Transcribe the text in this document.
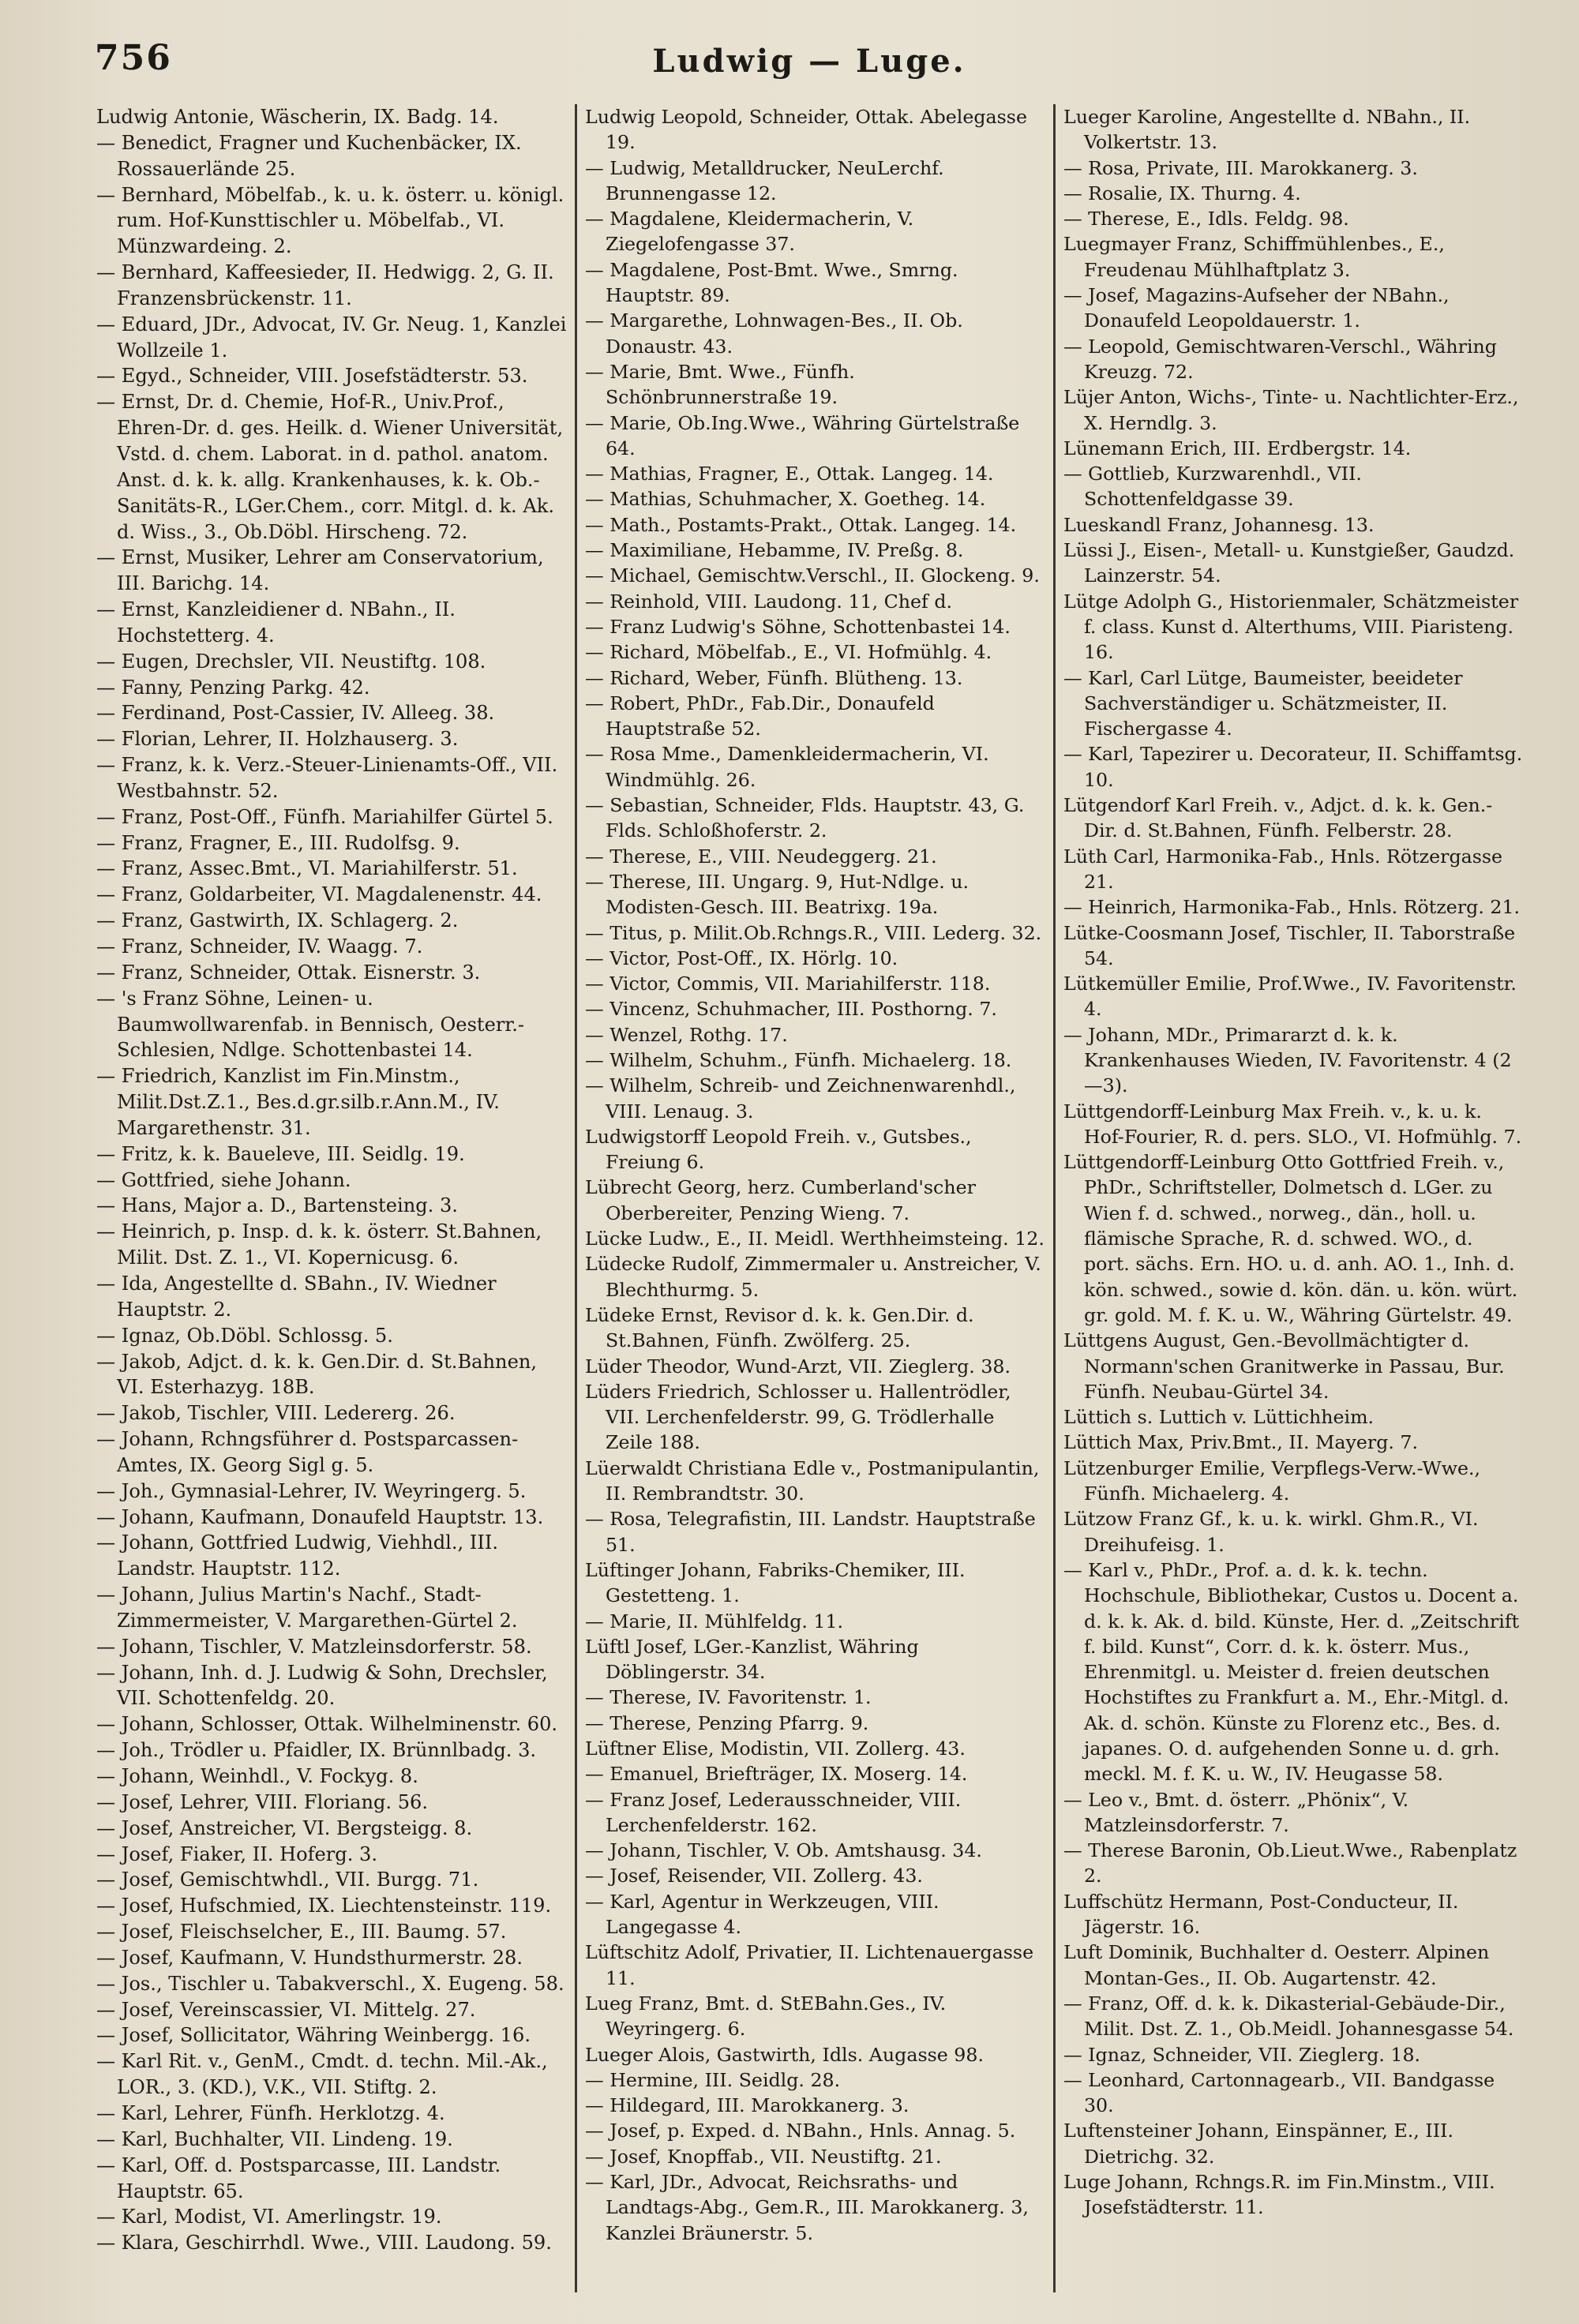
756	Ludwig — Luge.
Ludwig Antonie, Wäscherin, IX. Badg. 14.
— Benedict, Fragner und Kuchenbäcker, IX. Rossauerlände 25.
— Bernhard, Möbelfab., k. u. k. österr. u. königl. rum. Hof-Kunsttischler u. Möbelfab., VI. Münzwardeing. 2.
— Bernhard, Kaffeesieder, II. Hedwigg. 2, G. II. Franzensbrückenstr. 11.
— Eduard, JDr., Advocat, IV. Gr. Neug. 1, Kanzlei Wollzeile 1.
— Egyd., Schneider, VIII. Josefstädterstr. 53.
— Ernst, Dr. d. Chemie, Hof-R., Univ.Prof., Ehren-Dr. d. ges. Heilk. d. Wiener Universität, Vstd. d. chem. Laborat. in d. pathol. anatom. Anst. d. k. k. allg. Krankenhauses, k. k. Ob.-Sanitäts-R., LGer.Chem., corr. Mitgl. d. k. Ak. d. Wiss., 3., Ob.Döbl. Hirscheng. 72.
— Ernst, Musiker, Lehrer am Conservatorium, III. Barichg. 14.
— Ernst, Kanzleidiener d. NBahn., II. Hochstetterg. 4.
— Eugen, Drechsler, VII. Neustiftg. 108.
— Fanny, Penzing Parkg. 42.
— Ferdinand, Post-Cassier, IV. Alleeg. 38.
— Florian, Lehrer, II. Holzhauserg. 3.
— Franz, k. k. Verz.-Steuer-Linienamts-Off., VII. Westbahnstr. 52.
— Franz, Post-Off., Fünfh. Mariahilfer Gürtel 5.
— Franz, Fragner, E., III. Rudolfsg. 9.
— Franz, Assec.Bmt., VI. Mariahilferstr. 51.
— Franz, Goldarbeiter, VI. Magdalenenstr. 44.
— Franz, Gastwirth, IX. Schlagerg. 2.
— Franz, Schneider, IV. Waagg. 7.
— Franz, Schneider, Ottak. Eisnerstr. 3.
— 's Franz Söhne, Leinen- u. Baumwollwarenfab. in Bennisch, Oesterr.-Schlesien, Ndlge. Schottenbastei 14.
— Friedrich, Kanzlist im Fin.Minstm., Milit.Dst.Z.1., Bes.d.gr.silb.r.Ann.M., IV. Margarethenstr. 31.
— Fritz, k. k. Baueleve, III. Seidlg. 19.
— Gottfried, siehe Johann.
— Hans, Major a. D., Bartensteing. 3.
— Heinrich, p. Insp. d. k. k. österr. St.Bahnen, Milit. Dst. Z. 1., VI. Kopernicusg. 6.
— Ida, Angestellte d. SBahn., IV. Wiedner Hauptstr. 2.
— Ignaz, Ob.Döbl. Schlossg. 5.
— Jakob, Adjct. d. k. k. Gen.Dir. d. St.Bahnen, VI. Esterhazyg. 18B.
— Jakob, Tischler, VIII. Ledererg. 26.
— Johann, Rchngsführer d. Postsparcassen-Amtes, IX. Georg Sigl g. 5.
— Joh., Gymnasial-Lehrer, IV. Weyringerg. 5.
— Johann, Kaufmann, Donaufeld Hauptstr. 13.
— Johann, Gottfried Ludwig, Viehhdl., III. Landstr. Hauptstr. 112.
— Johann, Julius Martin's Nachf., Stadt-Zimmermeister, V. Margarethen-Gürtel 2.
— Johann, Tischler, V. Matzleinsdorferstr. 58.
— Johann, Inh. d. J. Ludwig & Sohn, Drechsler, VII. Schottenfeldg. 20.
— Johann, Schlosser, Ottak. Wilhelminenstr. 60.
— Joh., Trödler u. Pfaidler, IX. Brünnlbadg. 3.
— Johann, Weinhdl., V. Fockyg. 8.
— Josef, Lehrer, VIII. Floriang. 56.
— Josef, Anstreicher, VI. Bergsteigg. 8.
— Josef, Fiaker, II. Hoferg. 3.
— Josef, Gemischtwhdl., VII. Burgg. 71.
— Josef, Hufschmied, IX. Liechtensteinstr. 119.
— Josef, Fleischselcher, E., III. Baumg. 57.
— Josef, Kaufmann, V. Hundsthurmerstr. 28.
— Jos., Tischler u. Tabakverschl., X. Eugeng. 58.
— Josef, Vereinscassier, VI. Mittelg. 27.
— Josef, Sollicitator, Währing Weinbergg. 16.
— Karl Rit. v., GenM., Cmdt. d. techn. Mil.-Ak., LOR., 3. (KD.), V.K., VII. Stiftg. 2.
— Karl, Lehrer, Fünfh. Herklotzg. 4.
— Karl, Buchhalter, VII. Lindeng. 19.
— Karl, Off. d. Postsparcasse, III. Landstr. Hauptstr. 65.
— Karl, Modist, VI. Amerlingstr. 19.
— Klara, Geschirrhdl. Wwe., VIII. Laudong. 59.
Ludwig Leopold, Schneider, Ottak. Abelegasse 19.
— Ludwig, Metalldrucker, NeuLerchf. Brunnengasse 12.
— Magdalene, Kleidermacherin, V. Ziegelofengasse 37.
— Magdalene, Post-Bmt. Wwe., Smrng. Hauptstr. 89.
— Margarethe, Lohnwagen-Bes., II. Ob. Donaustr. 43.
— Marie, Bmt. Wwe., Fünfh. Schönbrunnerstraße 19.
— Marie, Ob.Ing.Wwe., Währing Gürtelstraße 64.
— Mathias, Fragner, E., Ottak. Langeg. 14.
— Mathias, Schuhmacher, X. Goetheg. 14.
— Math., Postamts-Prakt., Ottak. Langeg. 14.
— Maximiliane, Hebamme, IV. Preßg. 8.
— Michael, Gemischtw.Verschl., II. Glockeng. 9.
— Reinhold, VIII. Laudong. 11, Chef d.
— Franz Ludwig's Söhne, Schottenbastei 14.
— Richard, Möbelfab., E., VI. Hofmühlg. 4.
— Richard, Weber, Fünfh. Blütheng. 13.
— Robert, PhDr., Fab.Dir., Donaufeld Hauptstraße 52.
— Rosa Mme., Damenkleidermacherin, VI. Windmühlg. 26.
— Sebastian, Schneider, Flds. Hauptstr. 43, G. Flds. Schloßhoferstr. 2.
— Therese, E., VIII. Neudeggerg. 21.
— Therese, III. Ungarg. 9, Hut-Ndlge. u. Modisten-Gesch. III. Beatrixg. 19a.
— Titus, p. Milit.Ob.Rchngs.R., VIII. Lederg. 32.
— Victor, Post-Off., IX. Hörlg. 10.
— Victor, Commis, VII. Mariahilferstr. 118.
— Vincenz, Schuhmacher, III. Posthorng. 7.
— Wenzel, Rothg. 17.
— Wilhelm, Schuhm., Fünfh. Michaelerg. 18.
— Wilhelm, Schreib- und Zeichnenwarenhdl., VIII. Lenaug. 3.
Ludwigstorff Leopold Freih. v., Gutsbes., Freiung 6.
Lübrecht Georg, herz. Cumberland'scher Oberbereiter, Penzing Wieng. 7.
Lücke Ludw., E., II. Meidl. Werthheimsteing. 12.
Lüdecke Rudolf, Zimmermaler u. Anstreicher, V. Blechthurmg. 5.
Lüdeke Ernst, Revisor d. k. k. Gen.Dir. d. St.Bahnen, Fünfh. Zwölferg. 25.
Lüder Theodor, Wund-Arzt, VII. Zieglerg. 38.
Lüders Friedrich, Schlosser u. Hallentrödler, VII. Lerchenfelderstr. 99, G. Trödlerhalle Zeile 188.
Lüerwaldt Christiana Edle v., Postmanipulantin, II. Rembrandtstr. 30.
— Rosa, Telegrafistin, III. Landstr. Hauptstraße 51.
Lüftinger Johann, Fabriks-Chemiker, III. Gestetteng. 1.
— Marie, II. Mühlfeldg. 11.
Lüftl Josef, LGer.-Kanzlist, Währing Döblingerstr. 34.
— Therese, IV. Favoritenstr. 1.
— Therese, Penzing Pfarrg. 9.
Lüftner Elise, Modistin, VII. Zollerg. 43.
— Emanuel, Briefträger, IX. Moserg. 14.
— Franz Josef, Lederausschneider, VIII. Lerchenfelderstr. 162.
— Johann, Tischler, V. Ob. Amtshausg. 34.
— Josef, Reisender, VII. Zollerg. 43.
— Karl, Agentur in Werkzeugen, VIII. Langegasse 4.
Lüftschitz Adolf, Privatier, II. Lichtenauergasse 11.
Lueg Franz, Bmt. d. StEBahn.Ges., IV. Weyringerg. 6.
Lueger Alois, Gastwirth, Idls. Augasse 98.
— Hermine, III. Seidlg. 28.
— Hildegard, III. Marokkanerg. 3.
— Josef, p. Exped. d. NBahn., Hnls. Annag. 5.
— Josef, Knopffab., VII. Neustiftg. 21.
— Karl, JDr., Advocat, Reichsraths- und Landtags-Abg., Gem.R., III. Marokkanerg. 3, Kanzlei Bräunerstr. 5.
Lueger Karoline, Angestellte d. NBahn., II. Volkertstr. 13.
— Rosa, Private, III. Marokkanerg. 3.
— Rosalie, IX. Thurng. 4.
— Therese, E., Idls. Feldg. 98.
Luegmayer Franz, Schiffmühlenbes., E., Freudenau Mühlhaftplatz 3.
— Josef, Magazins-Aufseher der NBahn., Donaufeld Leopoldauerstr. 1.
— Leopold, Gemischtwaren-Verschl., Währing Kreuzg. 72.
Lüjer Anton, Wichs-, Tinte- u. Nachtlichter-Erz., X. Herndlg. 3.
Lünemann Erich, III. Erdbergstr. 14.
— Gottlieb, Kurzwarenhdl., VII. Schottenfeldgasse 39.
Lueskandl Franz, Johannesg. 13.
Lüssi J., Eisen-, Metall- u. Kunstgießer, Gaudzd. Lainzerstr. 54.
Lütge Adolph G., Historienmaler, Schätzmeister f. class. Kunst d. Alterthums, VIII. Piaristeng. 16.
— Karl, Carl Lütge, Baumeister, beeideter Sachverständiger u. Schätzmeister, II. Fischergasse 4.
— Karl, Tapezirer u. Decorateur, II. Schiffamtsg. 10.
Lütgendorf Karl Freih. v., Adjct. d. k. k. Gen.-Dir. d. St.Bahnen, Fünfh. Felberstr. 28.
Lüth Carl, Harmonika-Fab., Hnls. Rötzergasse 21.
— Heinrich, Harmonika-Fab., Hnls. Rötzerg. 21.
Lütke-Coosmann Josef, Tischler, II. Taborstraße 54.
Lütkemüller Emilie, Prof.Wwe., IV. Favoritenstr. 4.
— Johann, MDr., Primararzt d. k. k. Krankenhauses Wieden, IV. Favoritenstr. 4 (2—3).
Lüttgendorff-Leinburg Max Freih. v., k. u. k. Hof-Fourier, R. d. pers. SLO., VI. Hofmühlg. 7.
Lüttgendorff-Leinburg Otto Gottfried Freih. v., PhDr., Schriftsteller, Dolmetsch d. LGer. zu Wien f. d. schwed., norweg., dän., holl. u. flämische Sprache, R. d. schwed. WO., d. port. sächs. Ern. HO. u. d. anh. AO. 1., Inh. d. kön. schwed., sowie d. kön. dän. u. kön. würt. gr. gold. M. f. K. u. W., Währing Gürtelstr. 49.
Lüttgens August, Gen.-Bevollmächtigter d. Normann'schen Granitwerke in Passau, Bur. Fünfh. Neubau-Gürtel 34.
Lüttich s. Luttich v. Lüttichheim.
Lüttich Max, Priv.Bmt., II. Mayerg. 7.
Lützenburger Emilie, Verpflegs-Verw.-Wwe., Fünfh. Michaelerg. 4.
Lützow Franz Gf., k. u. k. wirkl. Ghm.R., VI. Dreihufeisg. 1.
— Karl v., PhDr., Prof. a. d. k. k. techn. Hochschule, Bibliothekar, Custos u. Docent a. d. k. k. Ak. d. bild. Künste, Her. d. „Zeitschrift f. bild. Kunst“, Corr. d. k. k. österr. Mus., Ehrenmitgl. u. Meister d. freien deutschen Hochstiftes zu Frankfurt a. M., Ehr.-Mitgl. d. Ak. d. schön. Künste zu Florenz etc., Bes. d. japanes. O. d. aufgehenden Sonne u. d. grh. meckl. M. f. K. u. W., IV. Heugasse 58.
— Leo v., Bmt. d. österr. „Phönix“, V. Matzleinsdorferstr. 7.
— Therese Baronin, Ob.Lieut.Wwe., Rabenplatz 2.
Luffschütz Hermann, Post-Conducteur, II. Jägerstr. 16.
Luft Dominik, Buchhalter d. Oesterr. Alpinen Montan-Ges., II. Ob. Augartenstr. 42.
— Franz, Off. d. k. k. Dikasterial-Gebäude-Dir., Milit. Dst. Z. 1., Ob.Meidl. Johannesgasse 54.
— Ignaz, Schneider, VII. Zieglerg. 18.
— Leonhard, Cartonnagearb., VII. Bandgasse 30.
Luftensteiner Johann, Einspänner, E., III. Dietrichg. 32.
Luge Johann, Rchngs.R. im Fin.Minstm., VIII. Josefstädterstr. 11.
